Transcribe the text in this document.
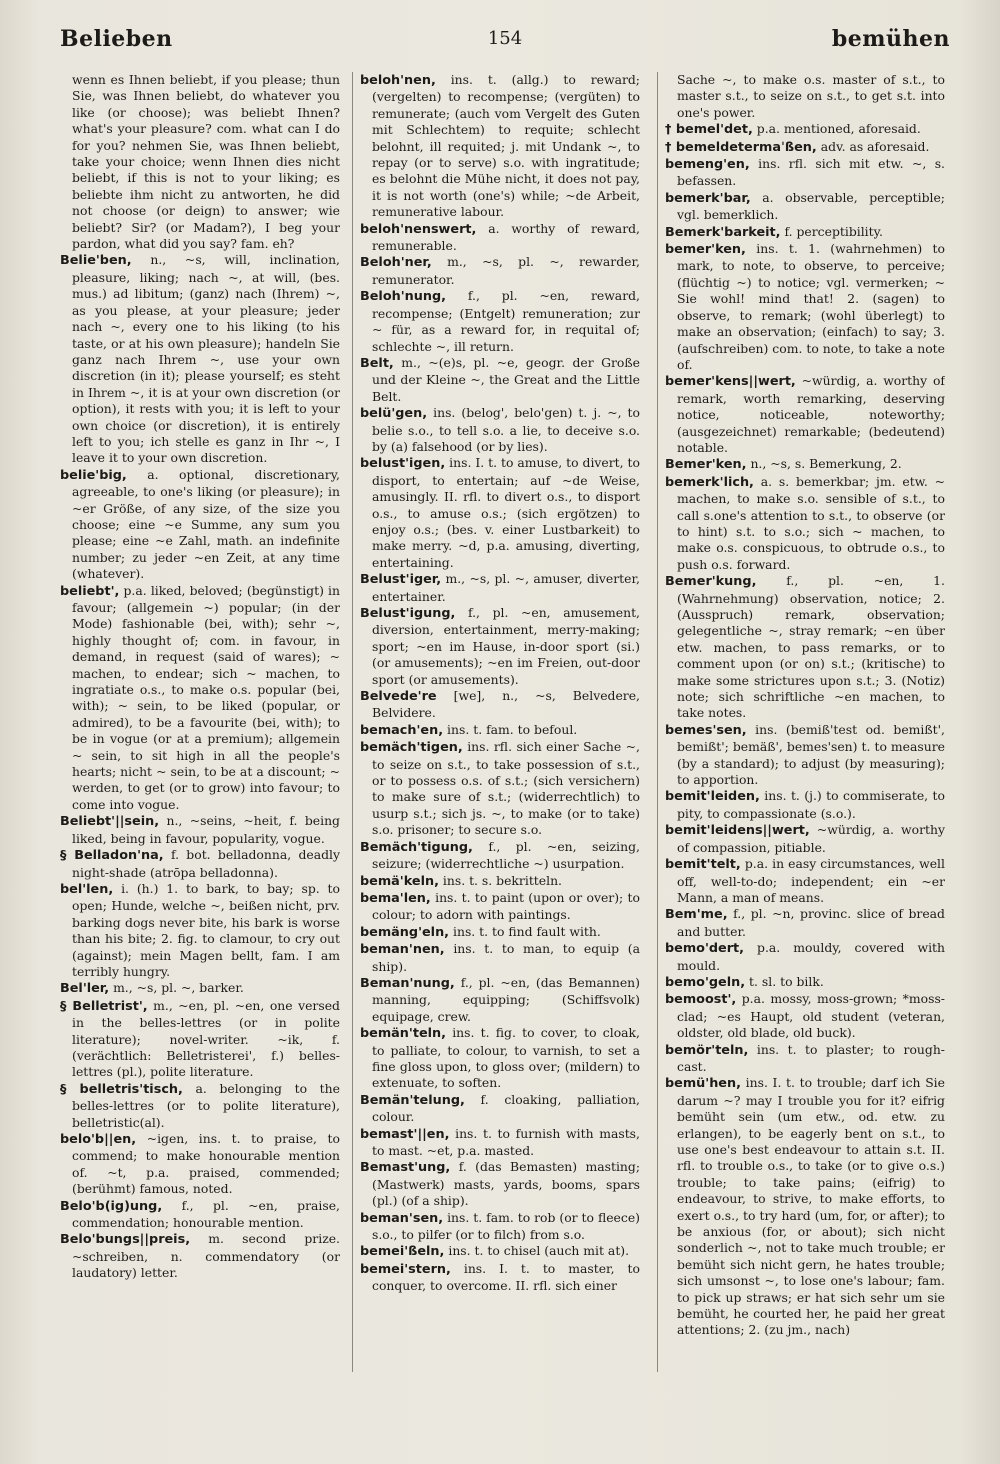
Belieben	154	bemühen

wenn es Ihnen beliebt, if you please; thun Sie, was Ihnen beliebt, do whatever you like (or choose); was beliebt Ihnen? what's your pleasure? com. what can I do for you? nehmen Sie, was Ihnen beliebt, take your choice; wenn Ihnen dies nicht beliebt, if this is not to your liking; es beliebte ihm nicht zu antworten, he did not choose (or deign) to answer; wie beliebt? Sir? (or Madam?), I beg your pardon, what did you say? fam. eh?

Belie'ben, n., ~s, will, inclination, pleasure, liking; nach ~, at will, (bes. mus.) ad libitum; (ganz) nach (Ihrem) ~, as you please, at your pleasure; jeder nach ~, every one to his liking (to his taste, or at his own pleasure); handeln Sie ganz nach Ihrem ~, use your own discretion (in it); please yourself; es steht in Ihrem ~, it is at your own discretion (or option), it rests with you; it is left to your own choice (or discretion), it is entirely left to you; ich stelle es ganz in Ihr ~, I leave it to your own discretion.

belie'big, a. optional, discretionary, agreeable, to one's liking (or pleasure); in ~er Größe, of any size, of the size you choose; eine ~e Summe, any sum you please; eine ~e Zahl, math. an indefinite number; zu jeder ~en Zeit, at any time (whatever).

beliebt', p.a. liked, beloved; (begünstigt) in favour; (allgemein ~) popular; (in der Mode) fashionable (bei, with); sehr ~, highly thought of; com. in favour, in demand, in request (said of wares); ~ machen, to endear; sich ~ machen, to ingratiate o.s., to make o.s. popular (bei, with); ~ sein, to be liked (popular, or admired), to be a favourite (bei, with); to be in vogue (or at a premium); allgemein ~ sein, to sit high in all the people's hearts; nicht ~ sein, to be at a discount; ~ werden, to get (or to grow) into favour; to come into vogue.

Beliebt'||sein, n., ~seins, ~heit, f. being liked, being in favour, popularity, vogue.

§ Belladon'na, f. bot. belladonna, deadly night-shade (atrōpa belladonna).

bel'len, i. (h.) 1. to bark, to bay; sp. to open; Hunde, welche ~, beißen nicht, prv. barking dogs never bite, his bark is worse than his bite; 2. fig. to clamour, to cry out (against); mein Magen bellt, fam. I am terribly hungry.

Bel'ler, m., ~s, pl. ~, barker.

§ Belletrist', m., ~en, pl. ~en, one versed in the belles-lettres (or in polite literature); novel-writer. ~ik, f. (verächtlich: Belletristerei', f.) belles-lettres (pl.), polite literature.

§ belletris'tisch, a. belonging to the belles-lettres (or to polite literature), belletristic(al).

belo'b||en, ~igen, ins. t. to praise, to commend; to make honourable mention of. ~t, p.a. praised, commended; (berühmt) famous, noted.

Belo'b(ig)ung, f., pl. ~en, praise, commendation; honourable mention.

Belo'bungs||preis, m. second prize. ~schreiben, n. commendatory (or laudatory) letter.

beloh'nen, ins. t. (allg.) to reward; (vergelten) to recompense; (vergüten) to remunerate; (auch vom Vergelt des Guten mit Schlechtem) to requite; schlecht belohnt, ill requited; j. mit Undank ~, to repay (or to serve) s.o. with ingratitude; es belohnt die Mühe nicht, it does not pay, it is not worth (one's) while; ~de Arbeit, remunerative labour.

beloh'nenswert, a. worthy of reward, remunerable.

Beloh'ner, m., ~s, pl. ~, rewarder, remunerator.

Beloh'nung, f., pl. ~en, reward, recompense; (Entgelt) remuneration; zur ~ für, as a reward for, in requital of; schlechte ~, ill return.

Belt, m., ~(e)s, pl. ~e, geogr. der Große und der Kleine ~, the Great and the Little Belt.

belü'gen, ins. (belog', belo'gen) t. j. ~, to belie s.o., to tell s.o. a lie, to deceive s.o. by (a) falsehood (or by lies).

belust'igen, ins. I. t. to amuse, to divert, to disport, to entertain; auf ~de Weise, amusingly. II. rfl. to divert o.s., to disport o.s., to amuse o.s.; (sich ergötzen) to enjoy o.s.; (bes. v. einer Lustbarkeit) to make merry. ~d, p.a. amusing, diverting, entertaining.

Belust'iger, m., ~s, pl. ~, amuser, diverter, entertainer.

Belust'igung, f., pl. ~en, amusement, diversion, entertainment, merry-making; sport; ~en im Hause, in-door sport (si.) (or amusements); ~en im Freien, out-door sport (or amusements).

Belvede're [we], n., ~s, Belvedere, Belvidere.

bemach'en, ins. t. fam. to befoul.

bemäch'tigen, ins. rfl. sich einer Sache ~, to seize on s.t., to take possession of s.t., or to possess o.s. of s.t.; (sich versichern) to make sure of s.t.; (widerrechtlich) to usurp s.t.; sich js. ~, to make (or to take) s.o. prisoner; to secure s.o.

Bemäch'tigung, f., pl. ~en, seizing, seizure; (widerrechtliche ~) usurpation.

bemä'keln, ins. t. s. bekritteln.

bema'len, ins. t. to paint (upon or over); to colour; to adorn with paintings.

bemäng'eln, ins. t. to find fault with.

beman'nen, ins. t. to man, to equip (a ship).

Beman'nung, f., pl. ~en, (das Bemannen) manning, equipping; (Schiffsvolk) equipage, crew.

bemän'teln, ins. t. fig. to cover, to cloak, to palliate, to colour, to varnish, to set a fine gloss upon, to gloss over; (mildern) to extenuate, to soften.

Bemän'telung, f. cloaking, palliation, colour.

bemast'||en, ins. t. to furnish with masts, to mast. ~et, p.a. masted.

Bemast'ung, f. (das Bemasten) masting; (Mastwerk) masts, yards, booms, spars (pl.) (of a ship).

beman'sen, ins. t. fam. to rob (or to fleece) s.o., to pilfer (or to filch) from s.o.

bemei'ßeln, ins. t. to chisel (auch mit at).

bemei'stern, ins. I. t. to master, to conquer, to overcome. II. rfl. sich einer

Sache ~, to make o.s. master of s.t., to master s.t., to seize on s.t., to get s.t. into one's power.

† bemel'det, p.a. mentioned, aforesaid.

† bemeldetermaˈßen, adv. as aforesaid.

bemeng'en, ins. rfl. sich mit etw. ~, s. befassen.

bemerk'bar, a. observable, perceptible; vgl. bemerklich.

Bemerk'barkeit, f. perceptibility.

bemer'ken, ins. t. 1. (wahrnehmen) to mark, to note, to observe, to perceive; (flüchtig ~) to notice; vgl. vermerken; ~ Sie wohl! mind that! 2. (sagen) to observe, to remark; (wohl überlegt) to make an observation; (einfach) to say; 3. (aufschreiben) com. to note, to take a note of.

bemer'kens||wert, ~würdig, a. worthy of remark, worth remarking, deserving notice, noticeable, noteworthy; (ausgezeichnet) remarkable; (bedeutend) notable.

Bemer'ken, n., ~s, s. Bemerkung, 2.

bemerk'lich, a. s. bemerkbar; jm. etw. ~ machen, to make s.o. sensible of s.t., to call s.one's attention to s.t., to observe (or to hint) s.t. to s.o.; sich ~ machen, to make o.s. conspicuous, to obtrude o.s., to push o.s. forward.

Bemer'kung, f., pl. ~en, 1. (Wahrnehmung) observation, notice; 2. (Ausspruch) remark, observation; gelegentliche ~, stray remark; ~en über etw. machen, to pass remarks, or to comment upon (or on) s.t.; (kritische) to make some strictures upon s.t.; 3. (Notiz) note; sich schriftliche ~en machen, to take notes.

bemes'sen, ins. (bemiß'test od. bemißt', bemißt'; bemäß', bemes'sen) t. to measure (by a standard); to adjust (by measuring); to apportion.

bemit'leiden, ins. t. (j.) to commiserate, to pity, to compassionate (s.o.).

bemit'leidens||wert, ~würdig, a. worthy of compassion, pitiable.

bemit'telt, p.a. in easy circumstances, well off, well-to-do; independent; ein ~er Mann, a man of means.

Bem'me, f., pl. ~n, provinc. slice of bread and butter.

bemo'dert, p.a. mouldy, covered with mould.

bemo'geln, t. sl. to bilk.

bemoost', p.a. mossy, moss-grown; *moss-clad; ~es Haupt, old student (veteran, oldster, old blade, old buck).

bemör'teln, ins. t. to plaster; to rough-cast.

bemü'hen, ins. I. t. to trouble; darf ich Sie darum ~? may I trouble you for it? eifrig bemüht sein (um etw., od. etw. zu erlangen), to be eagerly bent on s.t., to use one's best endeavour to attain s.t. II. rfl. to trouble o.s., to take (or to give o.s.) trouble; to take pains; (eifrig) to endeavour, to strive, to make efforts, to exert o.s., to try hard (um, for, or after); to be anxious (for, or about); sich nicht sonderlich ~, not to take much trouble; er bemüht sich nicht gern, he hates trouble; sich umsonst ~, to lose one's labour; fam. to pick up straws; er hat sich sehr um sie bemüht, he courted her, he paid her great attentions; 2. (zu jm., nach)
